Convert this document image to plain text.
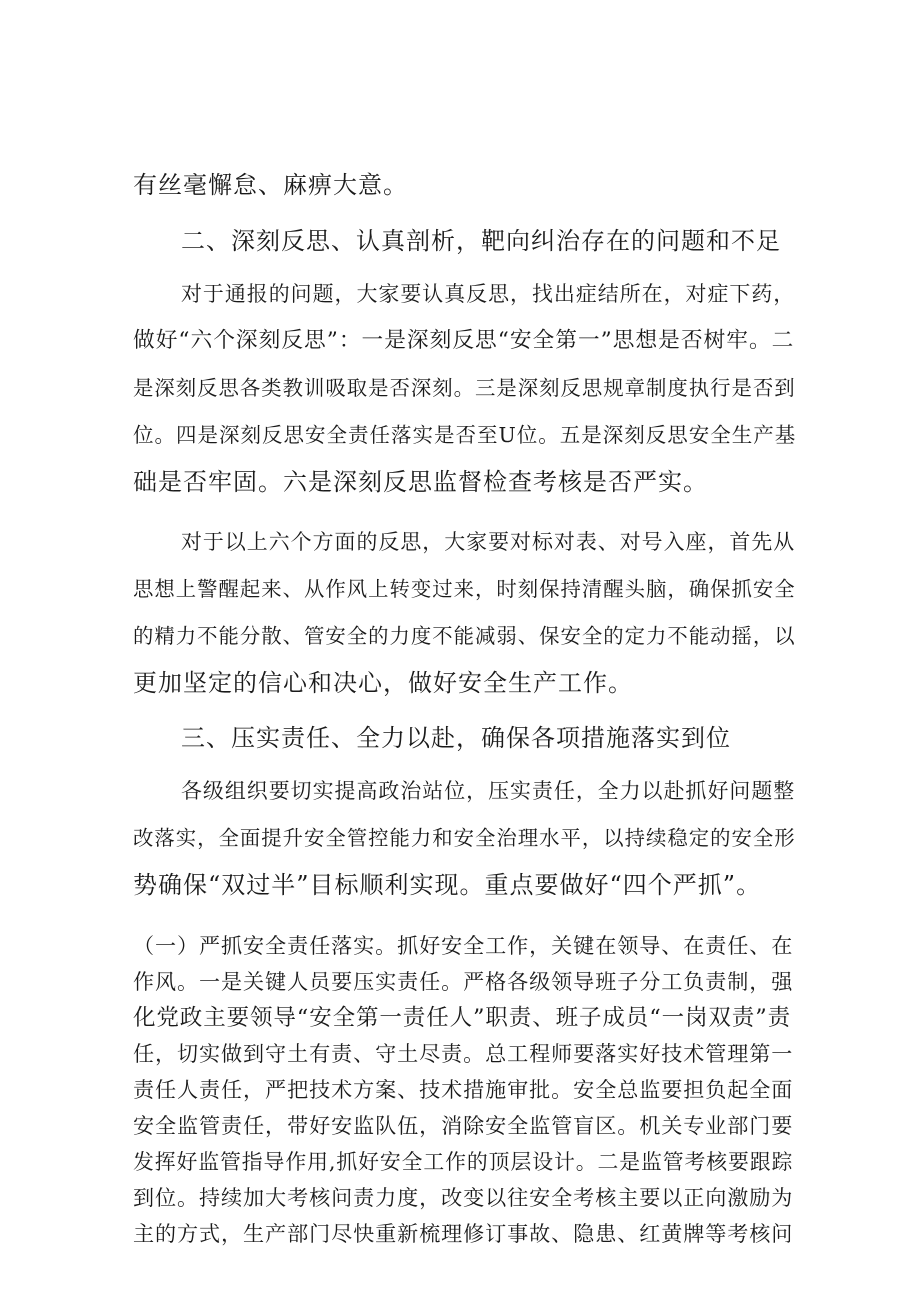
有丝毫懈怠、麻痹大意。
二、深刻反思、认真剖析，靶向纠治存在的问题和不足
对于通报的问题，大家要认真反思，找出症结所在，对症下药，
做好“六个深刻反思”：一是深刻反思“安全第一”思想是否树牢。二
是深刻反思各类教训吸取是否深刻。三是深刻反思规章制度执行是否到
位。四是深刻反思安全责任落实是否至U位。五是深刻反思安全生产基
础是否牢固。六是深刻反思监督检查考核是否严实。
对于以上六个方面的反思，大家要对标对表、对号入座，首先从
思想上警醒起来、从作风上转变过来，时刻保持清醒头脑，确保抓安全
的精力不能分散、管安全的力度不能减弱、保安全的定力不能动摇，以
更加坚定的信心和决心，做好安全生产工作。
三、压实责任、全力以赴，确保各项措施落实到位
各级组织要切实提高政治站位，压实责任，全力以赴抓好问题整
改落实，全面提升安全管控能力和安全治理水平，以持续稳定的安全形
势确保“双过半”目标顺利实现。重点要做好“四个严抓”。
（一）严抓安全责任落实。抓好安全工作，关键在领导、在责任、在
作风。一是关键人员要压实责任。严格各级领导班子分工负责制，强
化党政主要领导“安全第一责任人”职责、班子成员“一岗双责”责
任，切实做到守土有责、守土尽责。总工程师要落实好技术管理第一
责任人责任，严把技术方案、技术措施审批。安全总监要担负起全面
安全监管责任，带好安监队伍，消除安全监管盲区。机关专业部门要
发挥好监管指导作用,抓好安全工作的顶层设计。二是监管考核要跟踪
到位。持续加大考核问责力度，改变以往安全考核主要以正向激励为
主的方式，生产部门尽快重新梳理修订事故、隐患、红黄牌等考核问
